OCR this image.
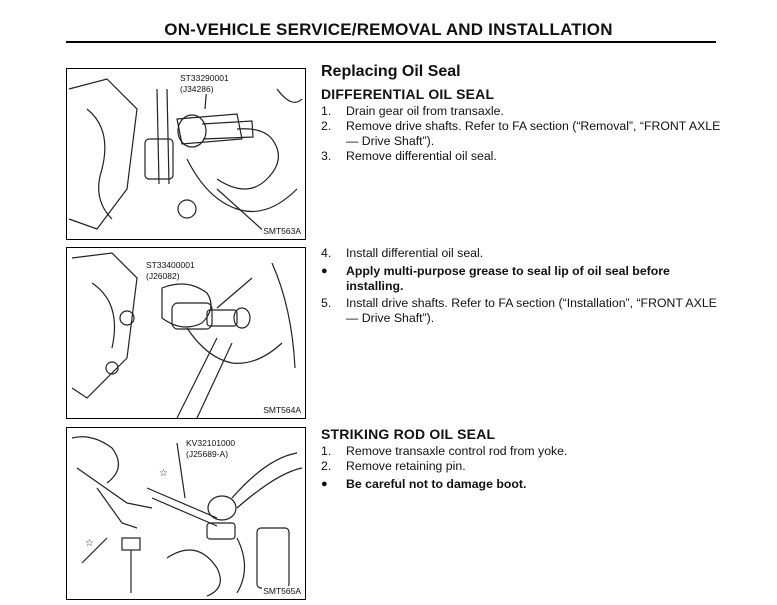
ON-VEHICLE SERVICE/REMOVAL AND INSTALLATION
ST33290001
(J34286)
SMT563A
ST33400001
(J26082)
SMT564A
☆
☆
KV32101000
(J25689-A)
SMT565A
Replacing Oil Seal
DIFFERENTIAL OIL SEAL
1.	Drain gear oil from transaxle.
2.	Remove drive shafts. Refer to FA section (“Removal”, “FRONT AXLE — Drive Shaft”).
3.	Remove differential oil seal.
4.	Install differential oil seal.
●	Apply multi-purpose grease to seal lip of oil seal before installing.
5.	Install drive shafts. Refer to FA section (“Installation”, “FRONT AXLE — Drive Shaft”).
STRIKING ROD OIL SEAL
1.	Remove transaxle control rod from yoke.
2.	Remove retaining pin.
●	Be careful not to damage boot.
